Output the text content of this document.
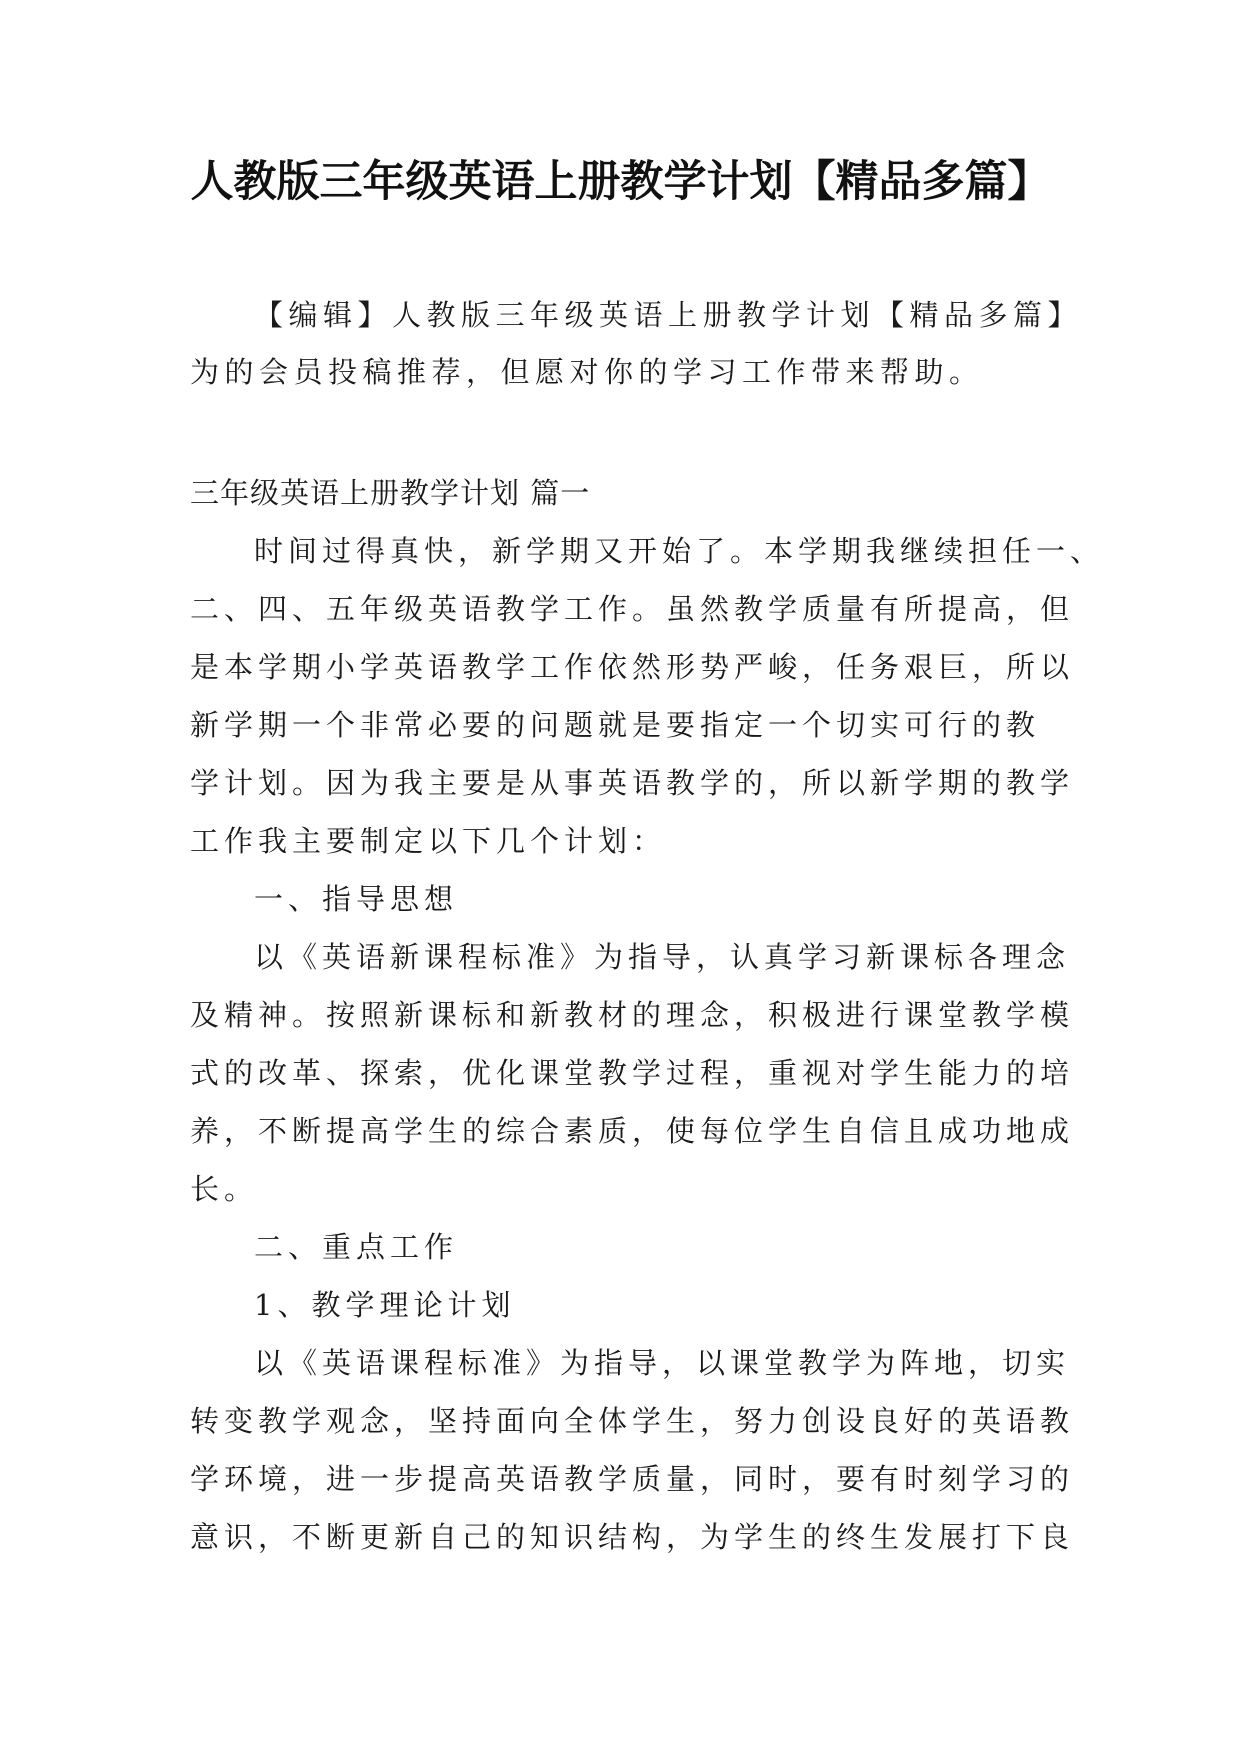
人教版三年级英语上册教学计划【精品多篇】

【编辑】人教版三年级英语上册教学计划【精品多篇】为的会员投稿推荐，但愿对你的学习工作带来帮助。

三年级英语上册教学计划 篇一
时间过得真快，新学期又开始了。本学期我继续担任一、
二、四、五年级英语教学工作。虽然教学质量有所提高，但
是本学期小学英语教学工作依然形势严峻，任务艰巨，所以
新学期一个非常必要的问题就是要指定一个切实可行的教
学计划。因为我主要是从事英语教学的，所以新学期的教学
工作我主要制定以下几个计划：
一、指导思想
以《英语新课程标准》为指导，认真学习新课标各理念
及精神。按照新课标和新教材的理念，积极进行课堂教学模
式的改革、探索，优化课堂教学过程，重视对学生能力的培
养，不断提高学生的综合素质，使每位学生自信且成功地成
长。
二、重点工作
1、教学理论计划
以《英语课程标准》为指导，以课堂教学为阵地，切实
转变教学观念，坚持面向全体学生，努力创设良好的英语教
学环境，进一步提高英语教学质量，同时，要有时刻学习的
意识，不断更新自己的知识结构，为学生的终生发展打下良
